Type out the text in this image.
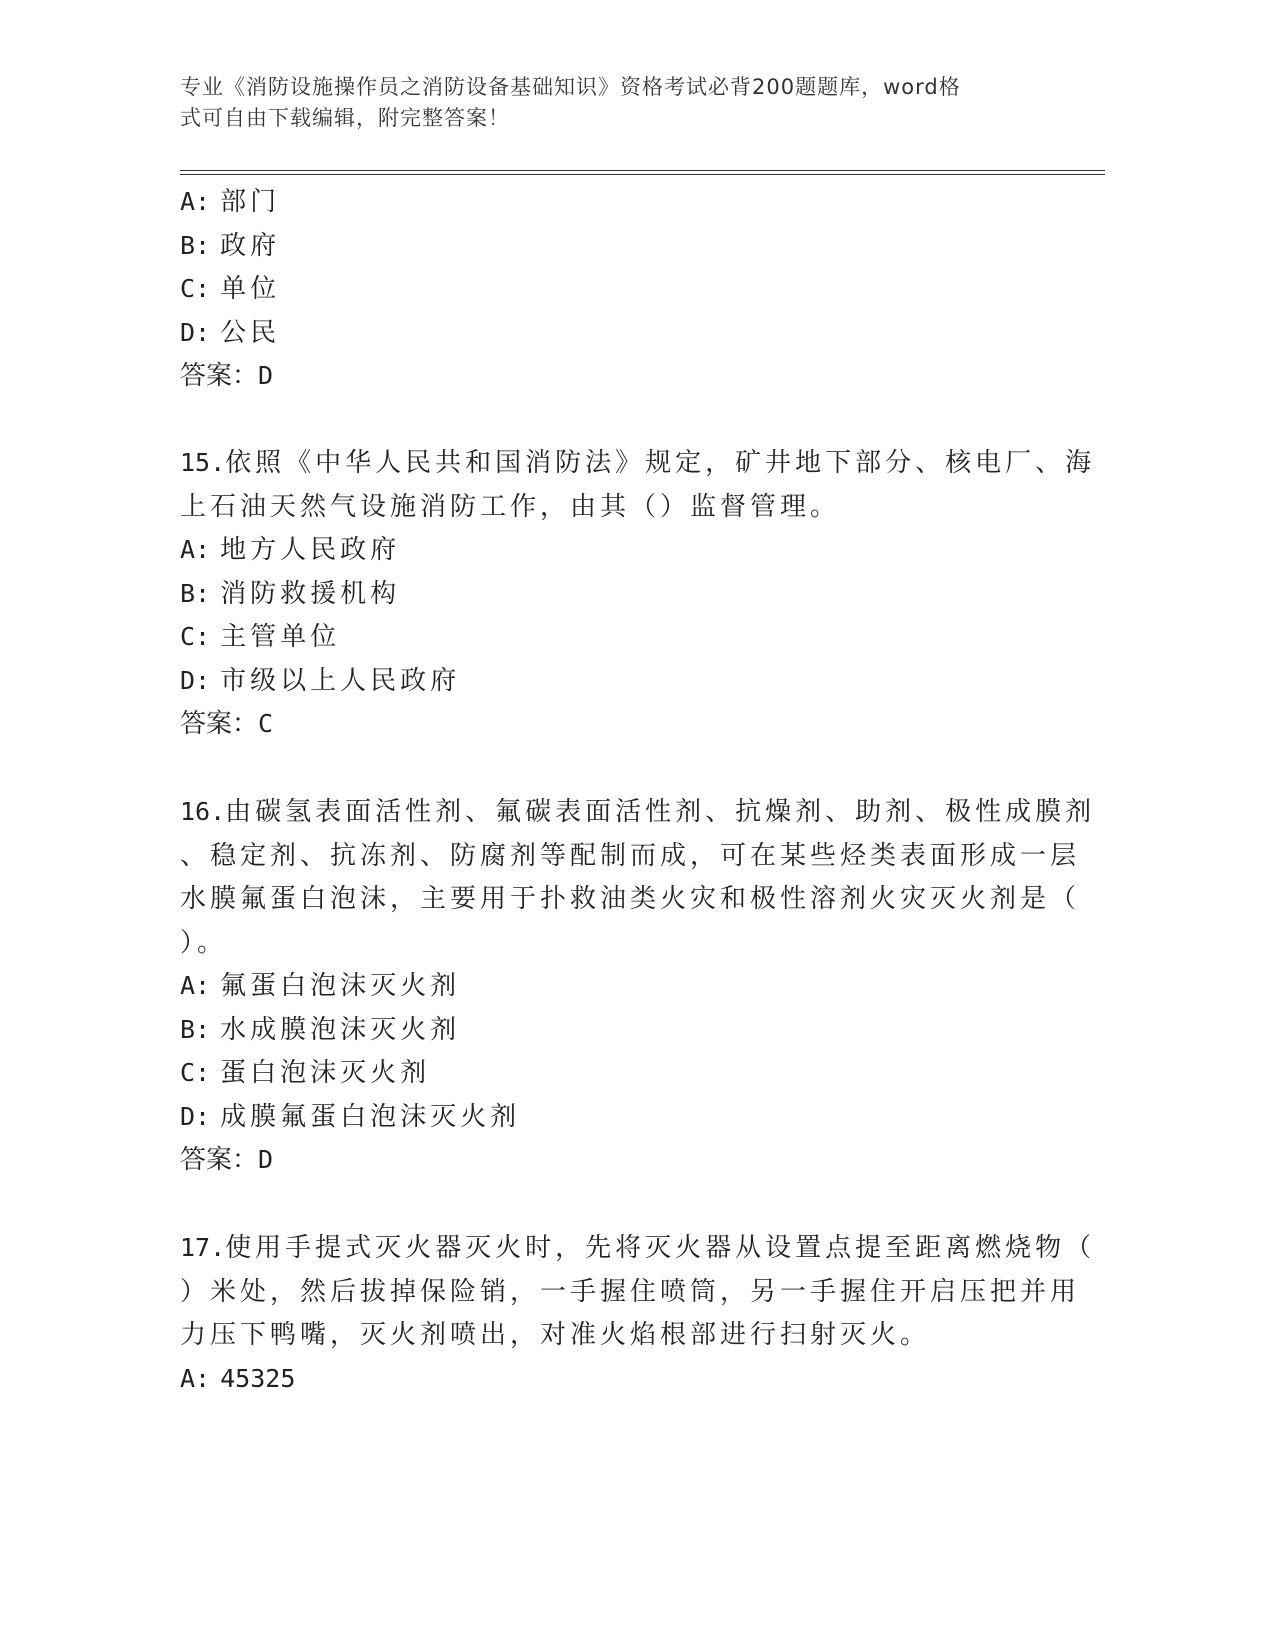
专业《消防设施操作员之消防设备基础知识》资格考试必背200题题库，word格
式可自由下载编辑，附完整答案！
A: 部门
B: 政府
C: 单位
D: 公民
答案：D
15.依照《中华人民共和国消防法》规定，矿井地下部分、核电厂、海
上石油天然气设施消防工作，由其（）监督管理。
A: 地方人民政府
B: 消防救援机构
C: 主管单位
D: 市级以上人民政府
答案：C
16.由碳氢表面活性剂、氟碳表面活性剂、抗燥剂、助剂、极性成膜剂
、稳定剂、抗冻剂、防腐剂等配制而成，可在某些烃类表面形成一层
水膜氟蛋白泡沫，主要用于扑救油类火灾和极性溶剂火灾灭火剂是（
）。
A: 氟蛋白泡沫灭火剂
B: 水成膜泡沫灭火剂
C: 蛋白泡沫灭火剂
D: 成膜氟蛋白泡沫灭火剂
答案：D
17.使用手提式灭火器灭火时，先将灭火器从设置点提至距离燃烧物（
）米处，然后拔掉保险销，一手握住喷筒，另一手握住开启压把并用
力压下鸭嘴，灭火剂喷出，对准火焰根部进行扫射灭火。
A: 45325
